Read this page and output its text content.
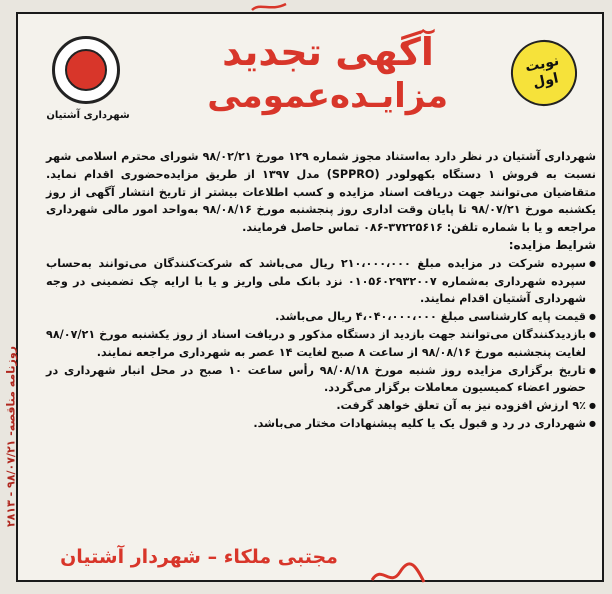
شهرداری آشتیان
آگهی تجدید
مزایـده‌عمومی
نوبت
اول

شهرداری آشتیان در نظر دارد به‌استناد مجوز شماره ۱۲۹ مورخ ۹۸/۰۲/۲۱ شورای محترم اسلامی شهر نسبت به فروش ۱ دستگاه بکهولودر (SPPRO) مدل ۱۳۹۷ از طریق مزایده‌حضوری اقدام نماید. متقاضیان می‌توانند جهت دریافت اسناد مزایده و کسب اطلاعات بیشتر از تاریخ انتشار آگهی از روز یکشنبه مورخ ۹۸/۰۷/۲۱ تا پایان وقت اداری روز پنجشنبه مورخ ۹۸/۰۸/۱۶ به‌واحد امور مالی شهرداری مراجعه و یا با شماره تلفن: ۳۷۲۲۵۶۱۶-۰۸۶ تماس حاصل فرمایند.

شرایط مزایده:

● سپرده شرکت در مزایده مبلغ ۲۱۰،۰۰۰،۰۰۰ ریال می‌باشد که شرکت‌کنندگان می‌توانند به‌حساب سپرده شهرداری به‌شماره ۰۱۰۵۶۰۲۹۳۲۰۰۷ نزد بانک ملی واریز و یا با ارایه چک تضمینی در وجه شهرداری آشتیان اقدام نمایند.
● قیمت پایه کارشناسی مبلغ ۴،۰۴۰،۰۰۰،۰۰۰ ریال می‌باشد.
● بازدیدکنندگان می‌توانند جهت بازدید از دستگاه مذکور و دریافت اسناد از روز یکشنبه مورخ ۹۸/۰۷/۲۱ لغایت پنجشنبه مورخ ۹۸/۰۸/۱۶ از ساعت ۸ صبح لغایت ۱۴ عصر به شهرداری مراجعه نمایند.
● تاریخ برگزاری مزایده روز شنبه مورخ ۹۸/۰۸/۱۸ رأس ساعت ۱۰ صبح در محل انبار شهرداری در حضور اعضاء کمیسیون معاملات برگزار می‌گردد.
● ۹٪ ارزش افزوده نیز به آن تعلق خواهد گرفت.
● شهرداری در رد و قبول یک یا کلیه پیشنهادات مختار می‌باشد.
مجتبی ملکاء – شهردار آشتیان
روزنامه مناقصه- ۹۸/۰۷/۲۱ - ۲۸۱۳
